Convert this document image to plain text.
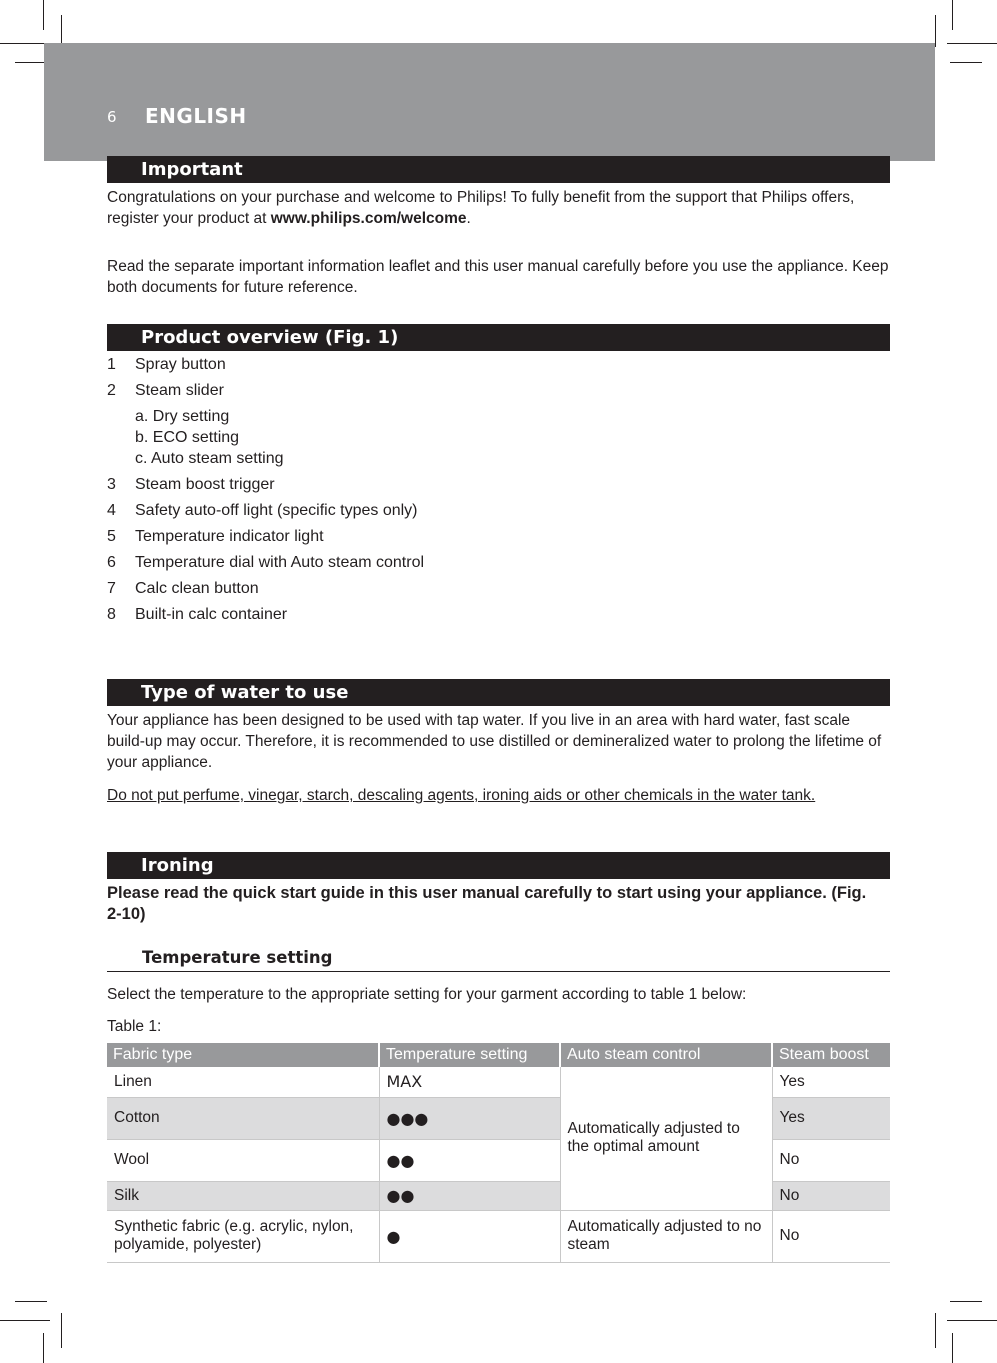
6 ENGLISH
Important
Congratulations on your purchase and welcome to Philips! To fully benefit from the support that Philips offers, register your product at www.philips.com/welcome.
Read the separate important information leaflet and this user manual carefully before you use the appliance. Keep both documents for future reference.
Product overview (Fig. 1)
1 Spray button
2 Steam slider
a. Dry setting
b. ECO setting
c. Auto steam setting
3 Steam boost trigger
4 Safety auto-off light (specific types only)
5 Temperature indicator light
6 Temperature dial with Auto steam control
7 Calc clean button
8 Built-in calc container
Type of water to use
Your appliance has been designed to be used with tap water. If you live in an area with hard water, fast scale build-up may occur. Therefore, it is recommended to use distilled or demineralized water to prolong the lifetime of your appliance.
Do not put perfume, vinegar, starch, descaling agents, ironing aids or other chemicals in the water tank.
Ironing
Please read the quick start guide in this user manual carefully to start using your appliance. (Fig. 2-10)
Temperature setting
Select the temperature to the appropriate setting for your garment according to table 1 below:
Table 1:
Fabric type	Temperature setting	Auto steam control	Steam boost
Linen	MAX	Automatically adjusted to the optimal amount	Yes
Cotton	●●●		Yes
Wool	●●		No
Silk	●●		No
Synthetic fabric (e.g. acrylic, nylon, polyamide, polyester)	●	Automatically adjusted to no steam	No
